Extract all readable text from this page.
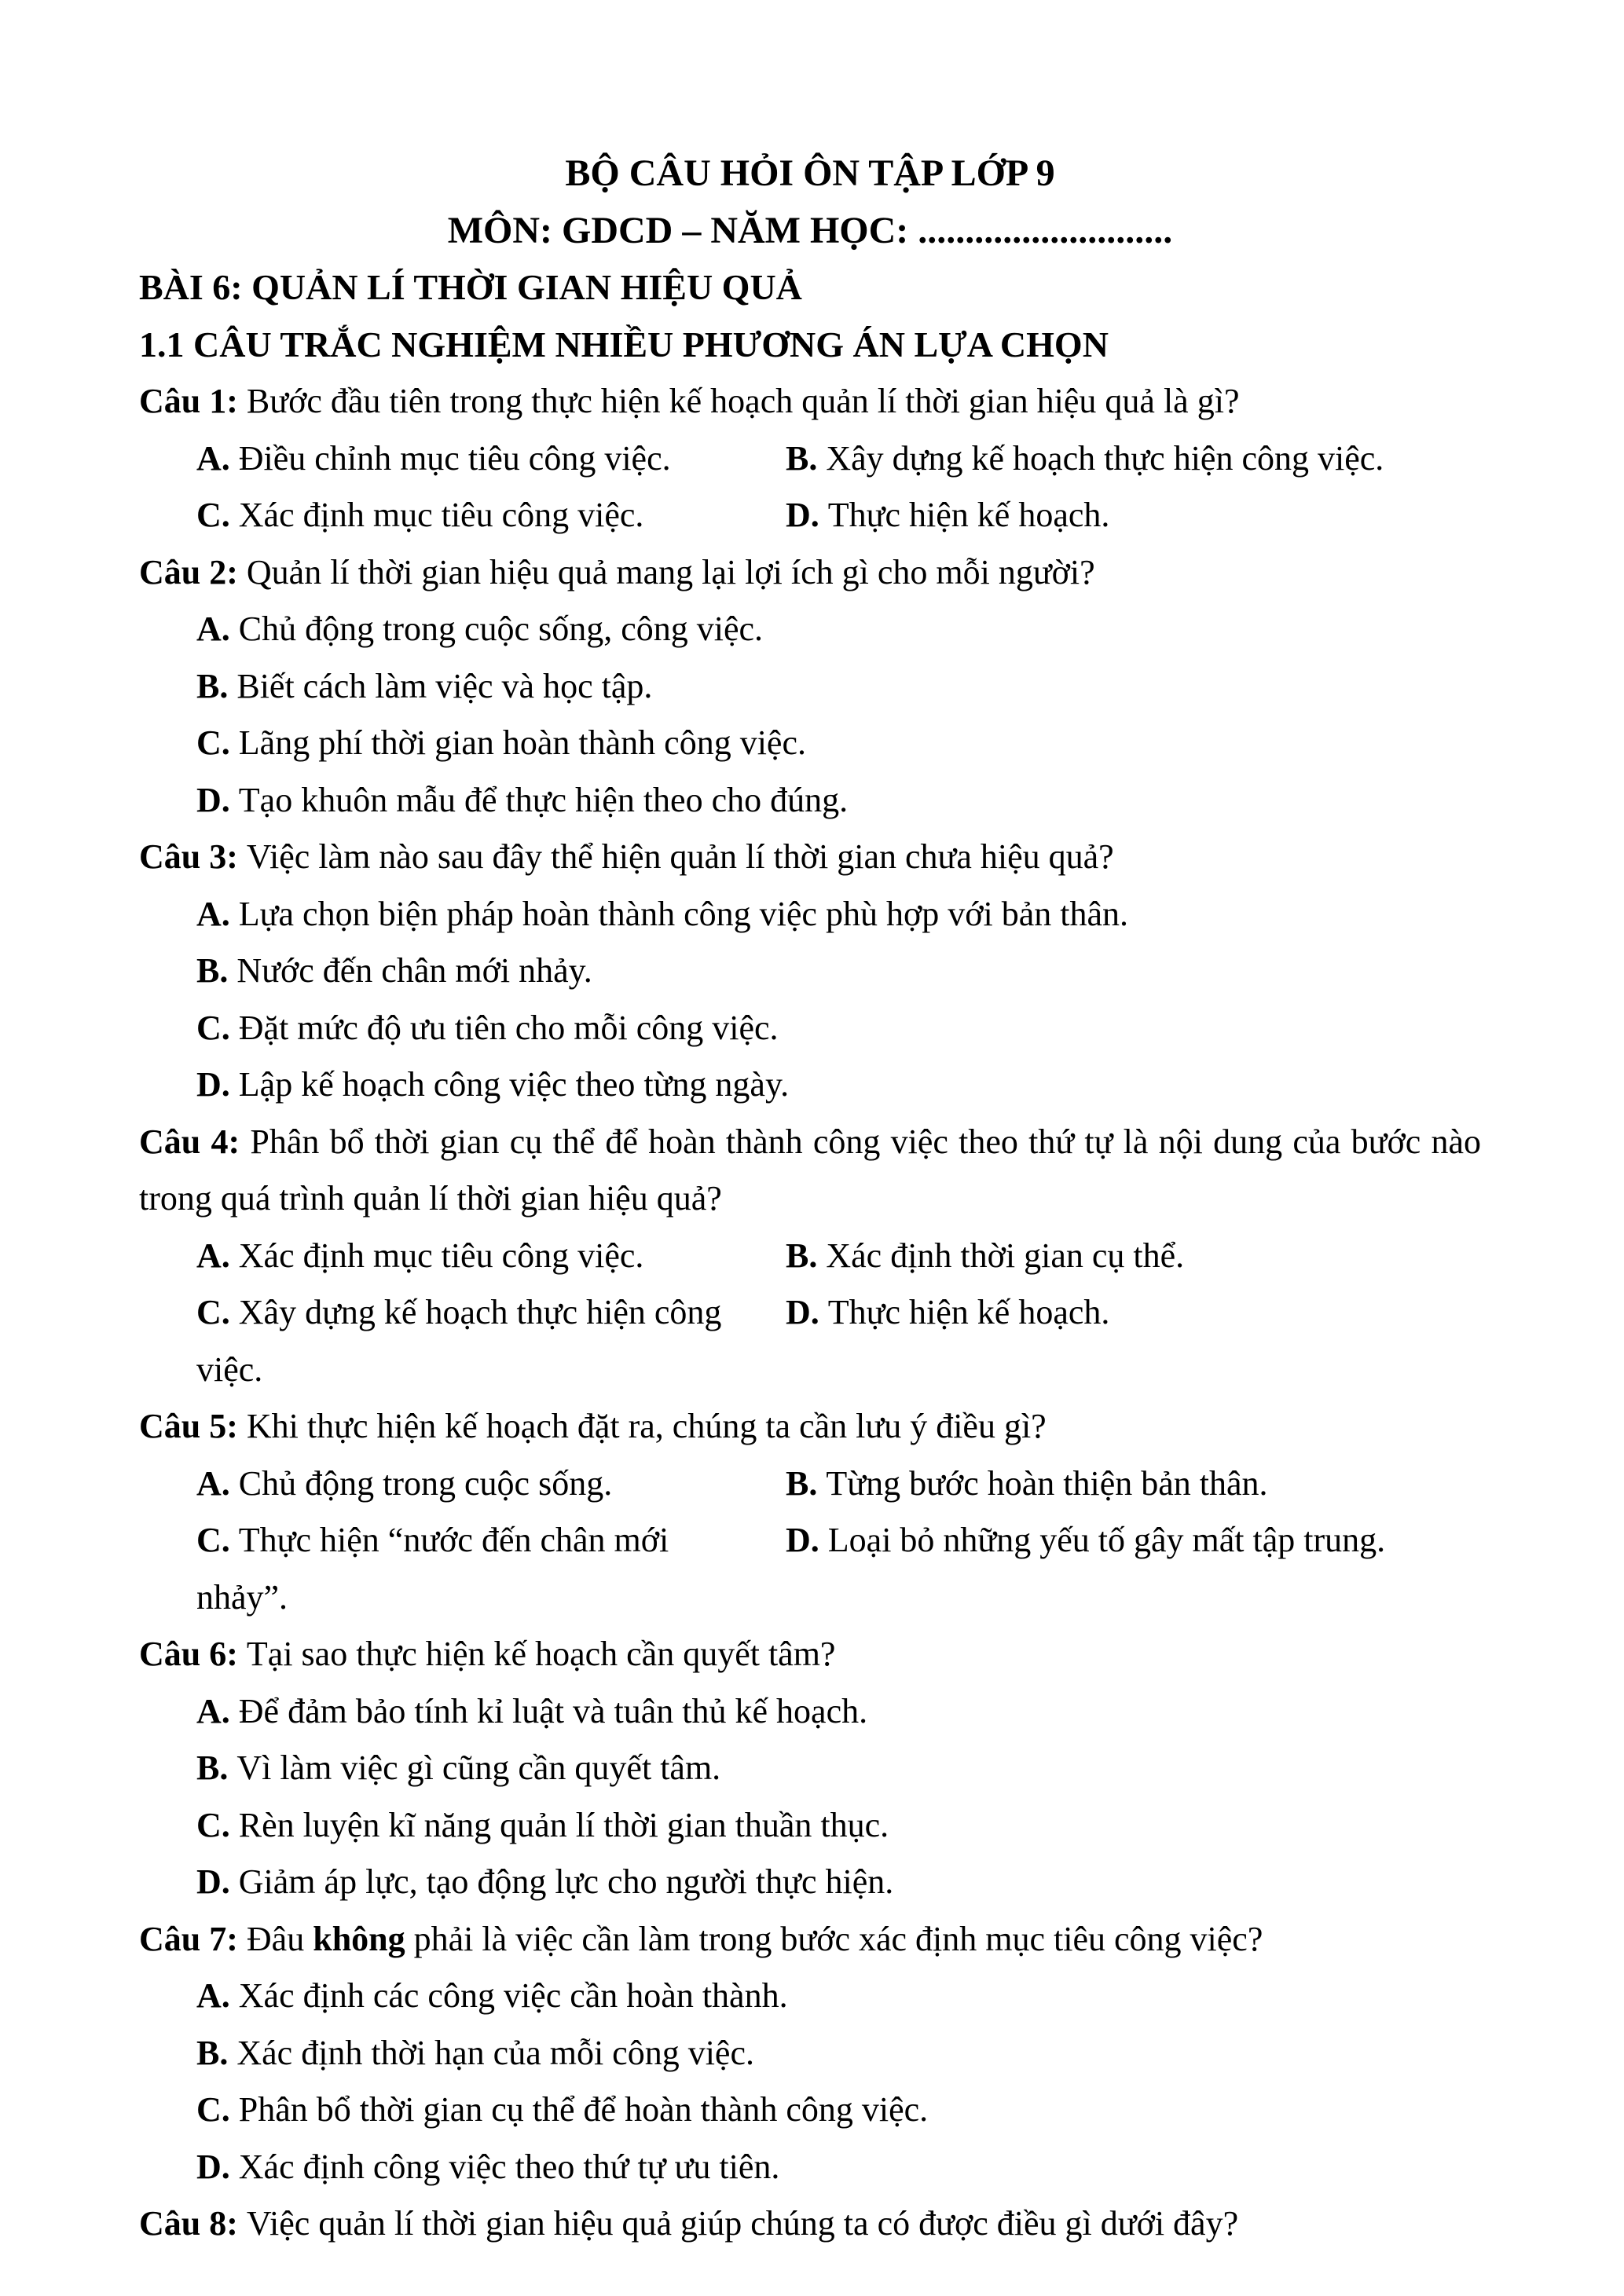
BỘ CÂU HỎI ÔN TẬP LỚP 9
MÔN: GDCD – NĂM HỌC: ...........................
BÀI 6: QUẢN LÍ THỜI GIAN HIỆU QUẢ
1.1 CÂU TRẮC NGHIỆM NHIỀU PHƯƠNG ÁN LỰA CHỌN

Câu 1: Bước đầu tiên trong thực hiện kế hoạch quản lí thời gian hiệu quả là gì?

A. Điều chỉnh mục tiêu công việc.	B. Xây dựng kế hoạch thực hiện công việc.
C. Xác định mục tiêu công việc.	D. Thực hiện kế hoạch.

Câu 2: Quản lí thời gian hiệu quả mang lại lợi ích gì cho mỗi người?

A. Chủ động trong cuộc sống, công việc.
B. Biết cách làm việc và học tập.
C. Lãng phí thời gian hoàn thành công việc.
D. Tạo khuôn mẫu để thực hiện theo cho đúng.

Câu 3: Việc làm nào sau đây thể hiện quản lí thời gian chưa hiệu quả?

A. Lựa chọn biện pháp hoàn thành công việc phù hợp với bản thân.
B. Nước đến chân mới nhảy.
C. Đặt mức độ ưu tiên cho mỗi công việc.
D. Lập kế hoạch công việc theo từng ngày.

Câu 4: Phân bổ thời gian cụ thể để hoàn thành công việc theo thứ tự là nội dung của bước nào trong quá trình quản lí thời gian hiệu quả?

A. Xác định mục tiêu công việc.	B. Xác định thời gian cụ thể.
C. Xây dựng kế hoạch thực hiện công việc.
D. Thực hiện kế hoạch.

Câu 5: Khi thực hiện kế hoạch đặt ra, chúng ta cần lưu ý điều gì?

A. Chủ động trong cuộc sống.	B. Từng bước hoàn thiện bản thân.
C. Thực hiện “nước đến chân mới nhảy”.
D. Loại bỏ những yếu tố gây mất tập trung.

Câu 6: Tại sao thực hiện kế hoạch cần quyết tâm?

A. Để đảm bảo tính kỉ luật và tuân thủ kế hoạch.
B. Vì làm việc gì cũng cần quyết tâm.
C. Rèn luyện kĩ năng quản lí thời gian thuần thục.
D. Giảm áp lực, tạo động lực cho người thực hiện.

Câu 7: Đâu không phải là việc cần làm trong bước xác định mục tiêu công việc?

A. Xác định các công việc cần hoàn thành.
B. Xác định thời hạn của mỗi công việc.
C. Phân bổ thời gian cụ thể để hoàn thành công việc.
D. Xác định công việc theo thứ tự ưu tiên.

Câu 8: Việc quản lí thời gian hiệu quả giúp chúng ta có được điều gì dưới đây?
